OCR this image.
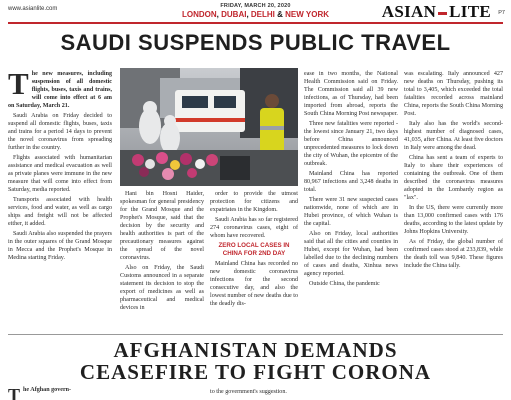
www.asianlite.com	FRIDAY, MARCH 20, 2020
LONDON, DUBAI, DELHI & NEW YORK	ASIAN LITE P7
SAUDI SUSPENDS PUBLIC TRAVEL

The new measures, including suspension of all domestic flights, buses, taxis and trains, will come into effect at 6 am on Saturday, March 21.

Saudi Arabia on Friday decided to suspend all domestic flights, buses, taxis and trains for a period 14 days to prevent the novel coronavirus from spreading further in the country.

Flights associated with humanitarian assistance and medical evacuation as well as private planes were immune in the new measure that will come into effect from Saturday, media reported.

Transports associated with health services, food and water, as well as cargo ships and freight will not be affected either, it added.

Saudi Arabia also suspended the prayers in the outer squares of the Grand Mosque in Mecca and the Prophet's Mosque in Medina starting Friday.

Hani bin Hosni Haider, spokesman for general presidency for the Grand Mosque and the Prophet's Mosque, said that the decision by the security and health authorities is part of the precautionary measures against the spread of the novel coronavirus.

Also on Friday, the Saudi Customs announced in a separate statement its decision to stop the export of medicines as well as pharmaceutical and medical devices in

order to provide the utmost protection for citizens and expatriates in the Kingdom.

Saudi Arabia has so far registered 274 coronavirus cases, eight of whom have recovered.

ZERO LOCAL CASES IN CHINA FOR 2ND DAY

Mainland China has recorded no new domestic coronavirus infections for the second consecutive day, and also the lowest number of new deaths due to the deadly dis-

ease in two months, the National Health Commission said on Friday. The Commission said all 39 new infections, as of Thursday, had been imported from abroad, reports the South China Morning Post newspaper.

Three new fatalities were reported - the lowest since January 21, two days before China announced unprecedented measures to lock down the city of Wuhan, the epicentre of the outbreak.

Mainland China has reported 80,967 infections and 3,248 deaths in total.

There were 31 new suspected cases nationwide, none of which are in Hubei province, of which Wuhan is the capital.

Also on Friday, local authorities said that all the cities and counties in Hubei, except for Wuhan, had been labelled due to the declining numbers of cases and deaths, Xinhua news agency reported.

Outside China, the pandemic

was escalating. Italy announced 427 new deaths on Thursday, pushing its total to 3,405, which exceeded the total fatalities recorded across mainland China, reports the South China Morning Post.

Italy also has the world's second-highest number of diagnosed cases, 41,035, after China. At least five doctors in Italy were among the dead.

China has sent a team of experts to Italy to share their experiences of containing the outbreak. One of them described the coronavirus measures adopted in the Lombardy region as "lax".

In the US, there were currently more than 13,000 confirmed cases with 176 deaths, according to the latest update by Johns Hopkins University.

As of Friday, the global number of confirmed cases stood at 233,839, while the death toll was 9,840. These figures include the China tally.

AFGHANISTAN DEMANDS
CEASEFIRE TO FIGHT CORONA

The Afghan govern-	to the government's suggestion.
